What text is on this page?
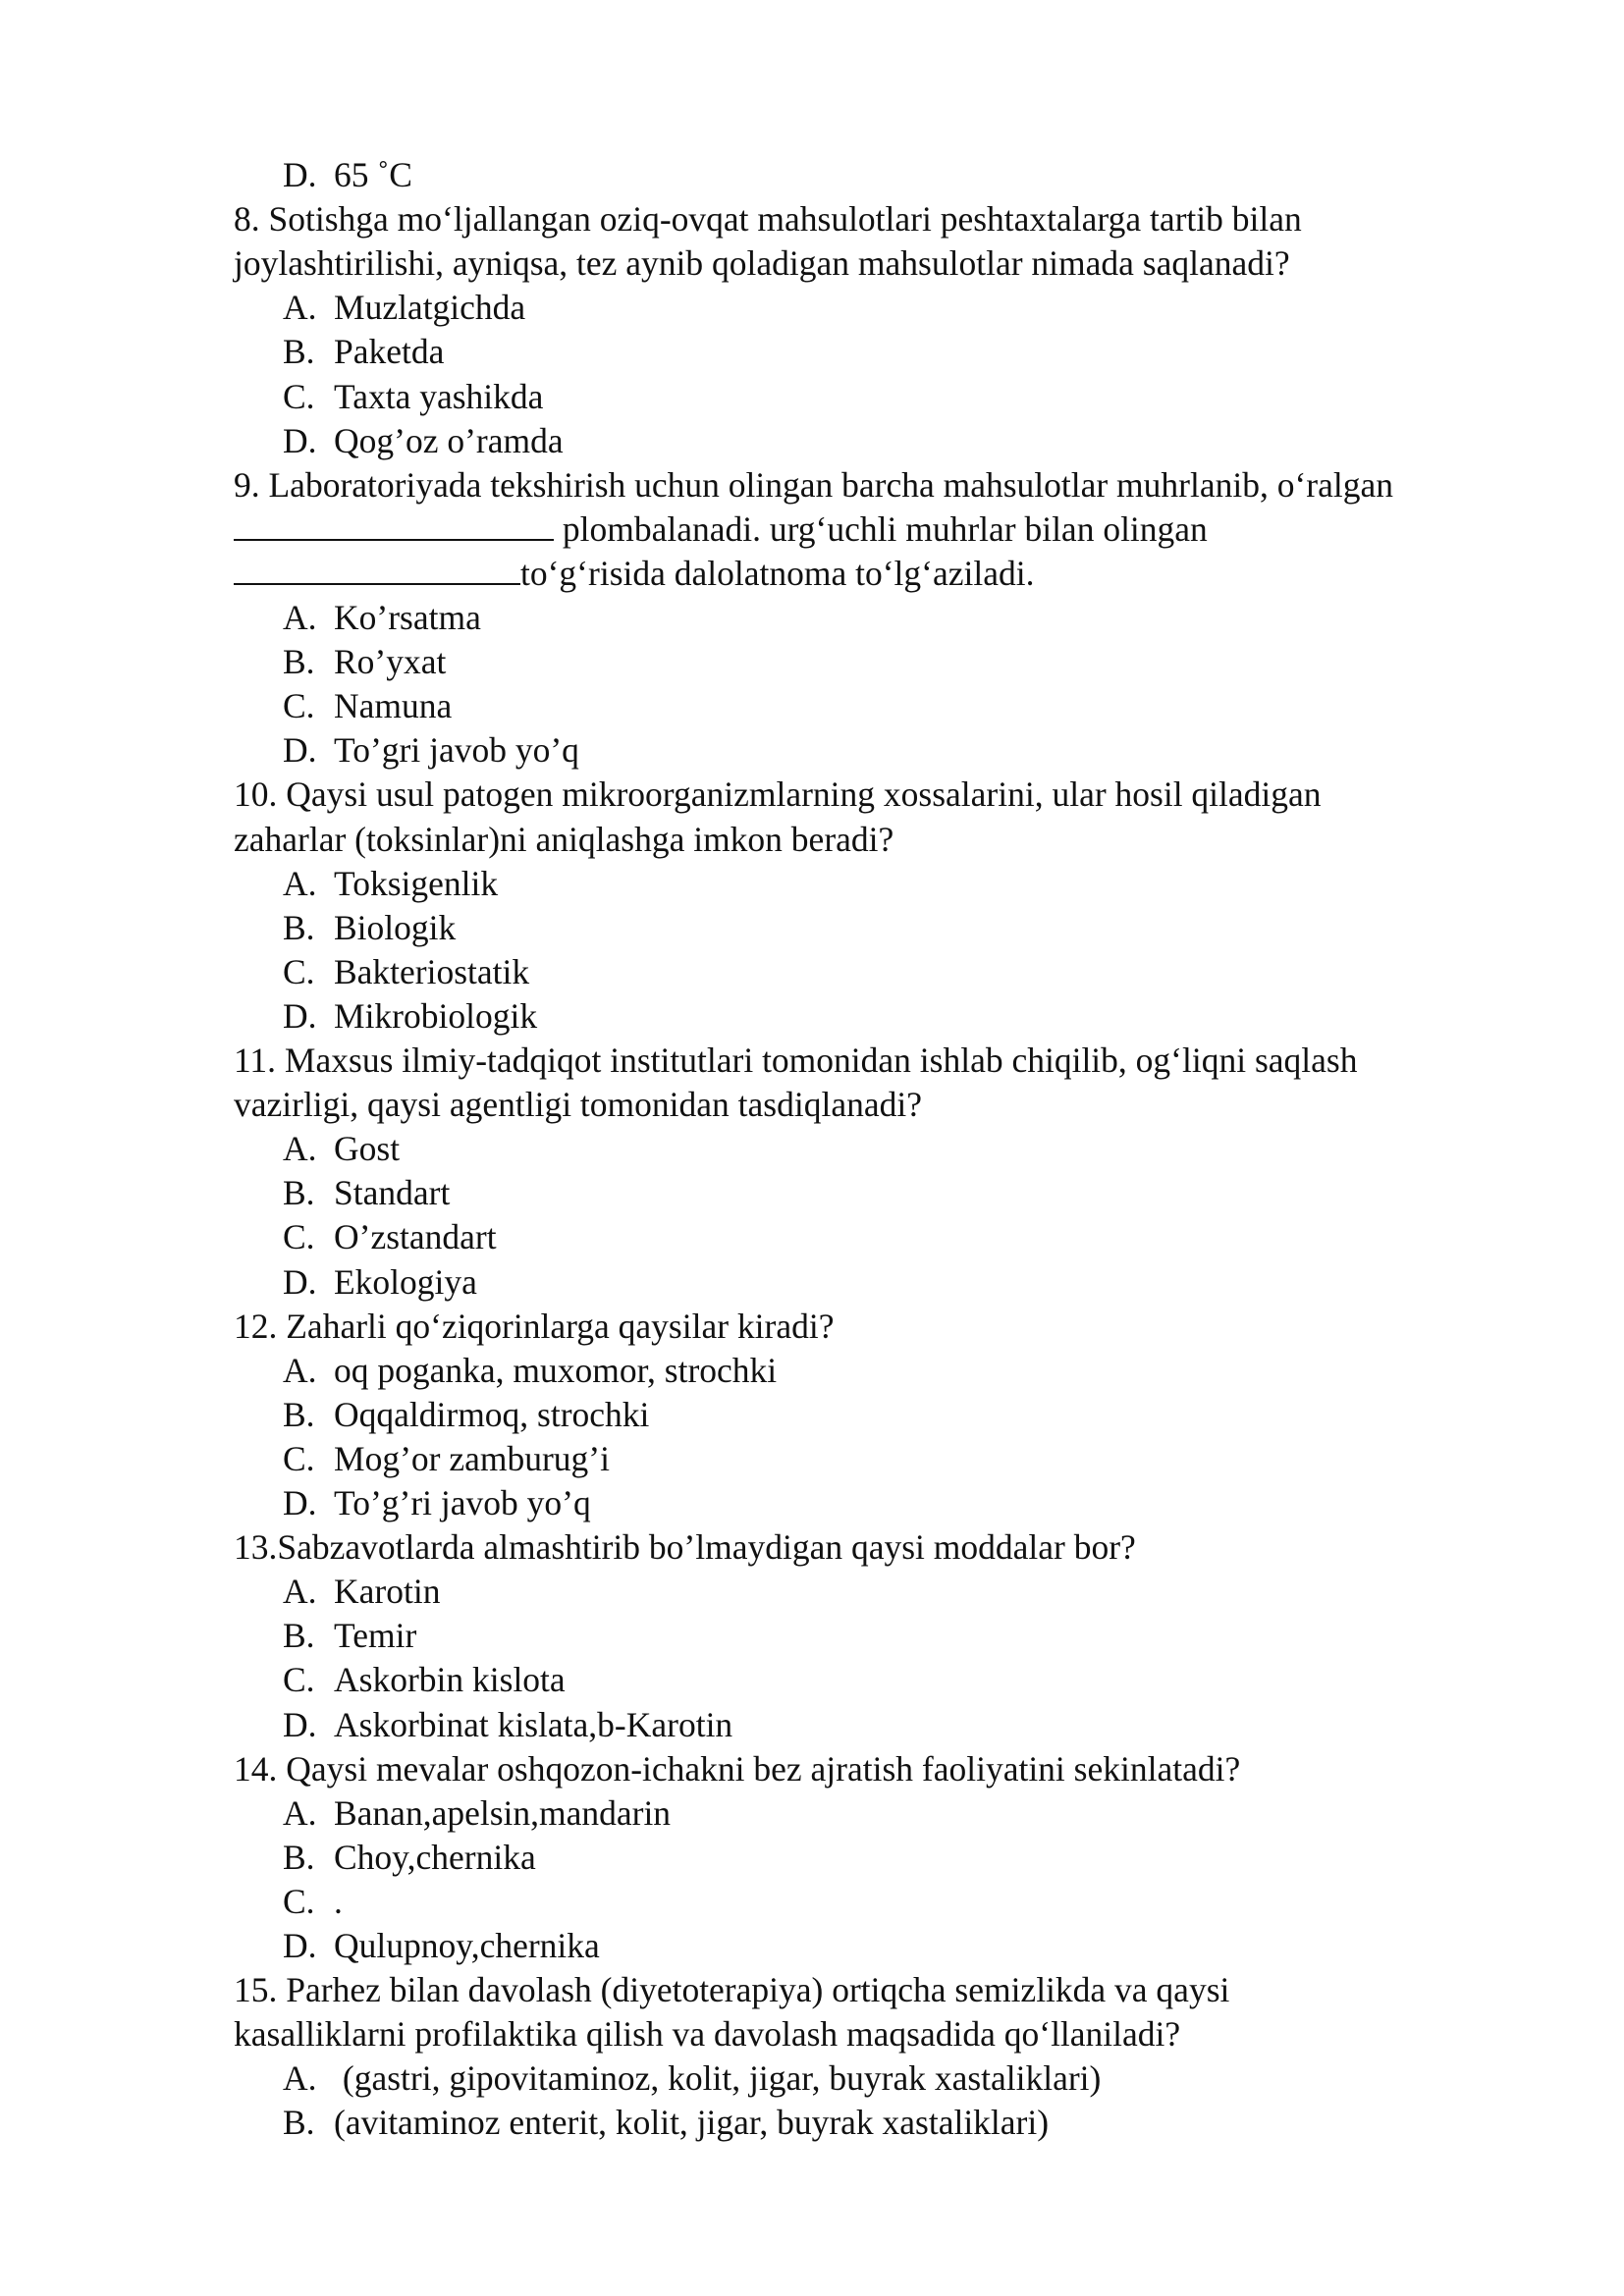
D. 65 ˚C
8. Sotishga mo‘ljallangan oziq-ovqat mahsulotlari peshtaxtalarga tartib bilan
joylashtirilishi, ayniqsa, tez aynib qoladigan mahsulotlar nimada saqlanadi?
A. Muzlatgichda
B. Paketda
C. Taxta yashikda
D. Qog’oz o’ramda
9. Laboratoriyada tekshirish uchun olingan barcha mahsulotlar muhrlanib, o‘ralgan
plombalanadi. urg‘uchli muhrlar bilan olingan
to‘g‘risida dalolatnoma to‘lg‘aziladi.
A. Ko’rsatma
B. Ro’yxat
C. Namuna
D. To’gri javob yo’q
10. Qaysi usul patogen mikroorganizmlarning xossalarini, ular hosil qiladigan
zaharlar (toksinlar)ni aniqlashga imkon beradi?
A. Toksigenlik
B. Biologik
C. Bakteriostatik
D. Mikrobiologik
11. Maxsus ilmiy-tadqiqot institutlari tomonidan ishlab chiqilib, og‘liqni saqlash
vazirligi, qaysi agentligi tomonidan tasdiqlanadi?
A. Gost
B. Standart
C. O’zstandart
D. Ekologiya
12. Zaharli qo‘ziqorinlarga qaysilar kiradi?
A. oq poganka, muxomor, strochki
B. Oqqaldirmoq, strochki
C. Mog’or zamburug’i
D. To’g’ri javob yo’q
13.Sabzavotlarda almashtirib bo’lmaydigan qaysi moddalar bor?
A. Karotin
B. Temir
C. Askorbin kislota
D. Askorbinat kislata,b-Karotin
14. Qaysi mevalar oshqozon-ichakni bez ajratish faoliyatini sekinlatadi?
A. Banan,apelsin,mandarin
B. Choy,chernika
C. .
D. Qulupnoy,chernika
15. Parhez bilan davolash (diyetoterapiya) ortiqcha semizlikda va qaysi
kasalliklarni profilaktika qilish va davolash maqsadida qo‘llaniladi?
A. (gastri, gipovitaminoz, kolit, jigar, buyrak xastaliklari)
B. (avitaminoz enterit, kolit, jigar, buyrak xastaliklari)
